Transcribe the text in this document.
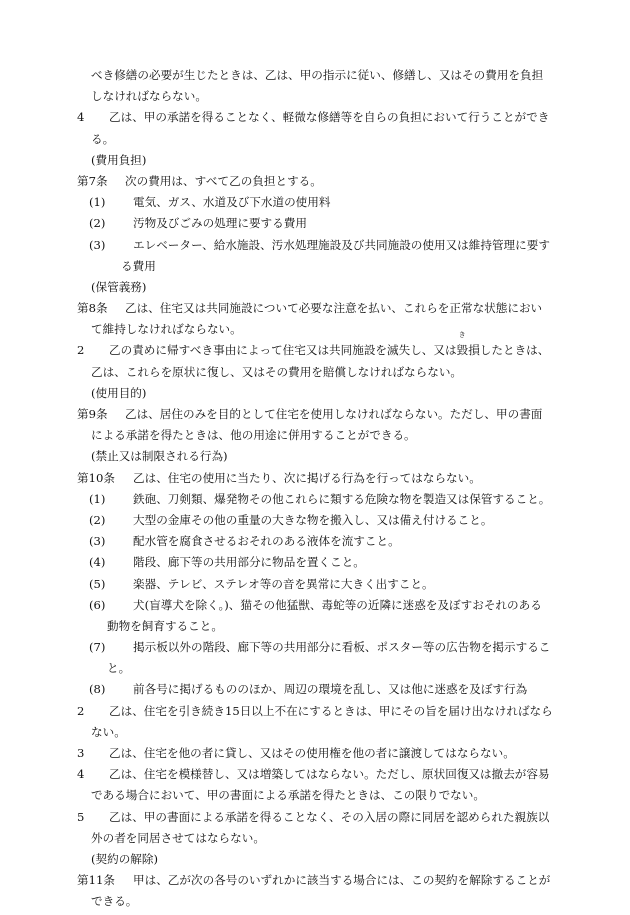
べき修繕の必要が生じたときは、乙は、甲の指示に従い、修繕し、又はその費用を負担
しなければならない。
4 乙は、甲の承諾を得ることなく、軽微な修繕等を自らの負担において行うことができ
る。
(費用負担)
第7条 次の費用は、すべて乙の負担とする。
(1) 電気、ガス、水道及び下水道の使用料
(2) 汚物及びごみの処理に要する費用
(3) エレベーター、給水施設、汚水処理施設及び共同施設の使用又は維持管理に要す
る費用
(保管義務)
第8条 乙は、住宅又は共同施設について必要な注意を払い、これらを正常な状態におい
て維持しなければならない。
2 乙の責めに帰すべき事由によって住宅又は共同施設を滅失し、又は
き
毀損したときは、
乙は、これらを原状に復し、又はその費用を賠償しなければならない。
(使用目的)
第9条 乙は、居住のみを目的として住宅を使用しなければならない。ただし、甲の書面
による承諾を得たときは、他の用途に併用することができる。
(禁止又は制限される行為)
第10条 乙は、住宅の使用に当たり、次に掲げる行為を行ってはならない。
(1) 鉄砲、刀剣類、爆発物その他これらに類する危険な物を製造又は保管すること。
(2) 大型の金庫その他の重量の大きな物を搬入し、又は備え付けること。
(3) 配水管を腐食させるおそれのある液体を流すこと。
(4) 階段、廊下等の共用部分に物品を置くこと。
(5) 楽器、テレビ、ステレオ等の音を異常に大きく出すこと。
(6) 犬(盲導犬を除く。)、猫その他猛獣、毒蛇等の近隣に迷惑を及ぼすおそれのある
動物を飼育すること。
(7) 掲示板以外の階段、廊下等の共用部分に看板、ポスター等の広告物を掲示するこ
と。
(8) 前各号に掲げるもののほか、周辺の環境を乱し、又は他に迷惑を及ぼす行為
2 乙は、住宅を引き続き15日以上不在にするときは、甲にその旨を届け出なければなら
ない。
3 乙は、住宅を他の者に貸し、又はその使用権を他の者に譲渡してはならない。
4 乙は、住宅を模様替し、又は増築してはならない。ただし、原状回復又は撤去が容易
である場合において、甲の書面による承諾を得たときは、この限りでない。
5 乙は、甲の書面による承諾を得ることなく、その入居の際に同居を認められた親族以
外の者を同居させてはならない。
(契約の解除)
第11条 甲は、乙が次の各号のいずれかに該当する場合には、この契約を解除することが
できる。
